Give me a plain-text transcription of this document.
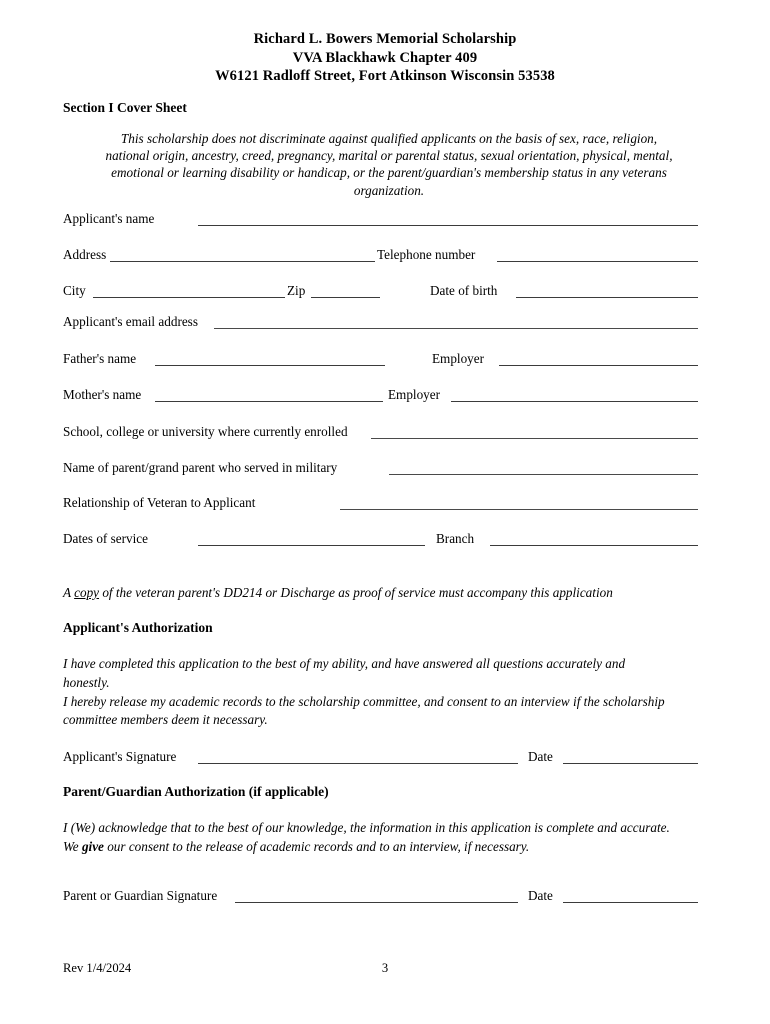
Richard L. Bowers Memorial Scholarship
VVA Blackhawk Chapter 409
W6121 Radloff Street, Fort Atkinson Wisconsin 53538
Section I Cover Sheet
This scholarship does not discriminate against qualified applicants on the basis of sex, race, religion, national origin, ancestry, creed, pregnancy, marital or parental status, sexual orientation, physical, mental, emotional or learning disability or handicap, or the parent/guardian's membership status in any veterans organization.
Applicant's name
Address	Telephone number
City	Zip	Date of birth
Applicant's email address
Father's name	Employer
Mother's name	Employer
School, college or university where currently enrolled
Name of parent/grand parent who served in military
Relationship of Veteran to Applicant
Dates of service	Branch
A copy of the veteran parent's DD214 or Discharge as proof of service must accompany this application
Applicant's Authorization
I have completed this application to the best of my ability, and have answered all questions accurately and
honestly.
I hereby release my academic records to the scholarship committee, and consent to an interview if the scholarship
committee members deem it necessary.
Applicant's Signature	Date
Parent/Guardian Authorization (if applicable)
I (We) acknowledge that to the best of our knowledge, the information in this application is complete and accurate.
We give our consent to the release of academic records and to an interview, if necessary.
Parent or Guardian Signature	Date
Rev 1/4/2024	3
